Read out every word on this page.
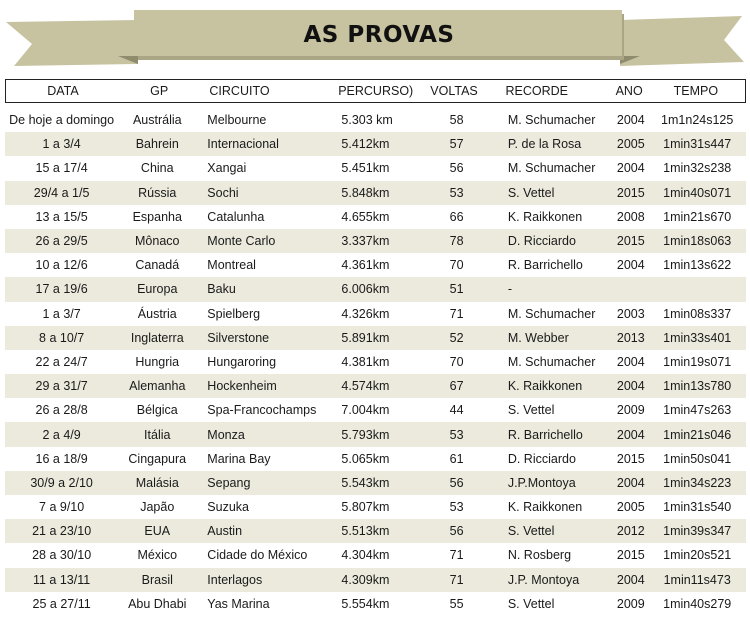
AS PROVAS
DATA	GP	CIRCUITO	PERCURSO)	VOLTAS	RECORDE	ANO	TEMPO
De hoje a domingo	Austrália	Melbourne	5.303 km	58	M. Schumacher	2004	1m1n24s125
1 a 3/4	Bahrein	Internacional	5.412km	57	P. de la Rosa	2005	1min31s447
15 a 17/4	China	Xangai	5.451km	56	M. Schumacher	2004	1min32s238
29/4 a 1/5	Rússia	Sochi	5.848km	53	S. Vettel	2015	1min40s071
13 a 15/5	Espanha	Catalunha	4.655km	66	K. Raikkonen	2008	1min21s670
26 a 29/5	Mônaco	Monte Carlo	3.337km	78	D. Ricciardo	2015	1min18s063
10 a 12/6	Canadá	Montreal	4.361km	70	R. Barrichello	2004	1min13s622
17 a 19/6	Europa	Baku	6.006km	51	-
1 a 3/7	Áustria	Spielberg	4.326km	71	M. Schumacher	2003	1min08s337
8 a 10/7	Inglaterra	Silverstone	5.891km	52	M. Webber	2013	1min33s401
22 a 24/7	Hungria	Hungaroring	4.381km	70	M. Schumacher	2004	1min19s071
29 a 31/7	Alemanha	Hockenheim	4.574km	67	K. Raikkonen	2004	1min13s780
26 a 28/8	Bélgica	Spa-Francochamps	7.004km	44	S. Vettel	2009	1min47s263
2 a 4/9	Itália	Monza	5.793km	53	R. Barrichello	2004	1min21s046
16 a 18/9	Cingapura	Marina Bay	5.065km	61	D. Ricciardo	2015	1min50s041
30/9 a 2/10	Malásia	Sepang	5.543km	56	J.P.Montoya	2004	1min34s223
7 a 9/10	Japão	Suzuka	5.807km	53	K. Raikkonen	2005	1min31s540
21 a 23/10	EUA	Austin	5.513km	56	S. Vettel	2012	1min39s347
28 a 30/10	México	Cidade do México	4.304km	71	N. Rosberg	2015	1min20s521
11 a 13/11	Brasil	Interlagos	4.309km	71	J.P. Montoya	2004	1min11s473
25 a 27/11	Abu Dhabi	Yas Marina	5.554km	55	S. Vettel	2009	1min40s279
